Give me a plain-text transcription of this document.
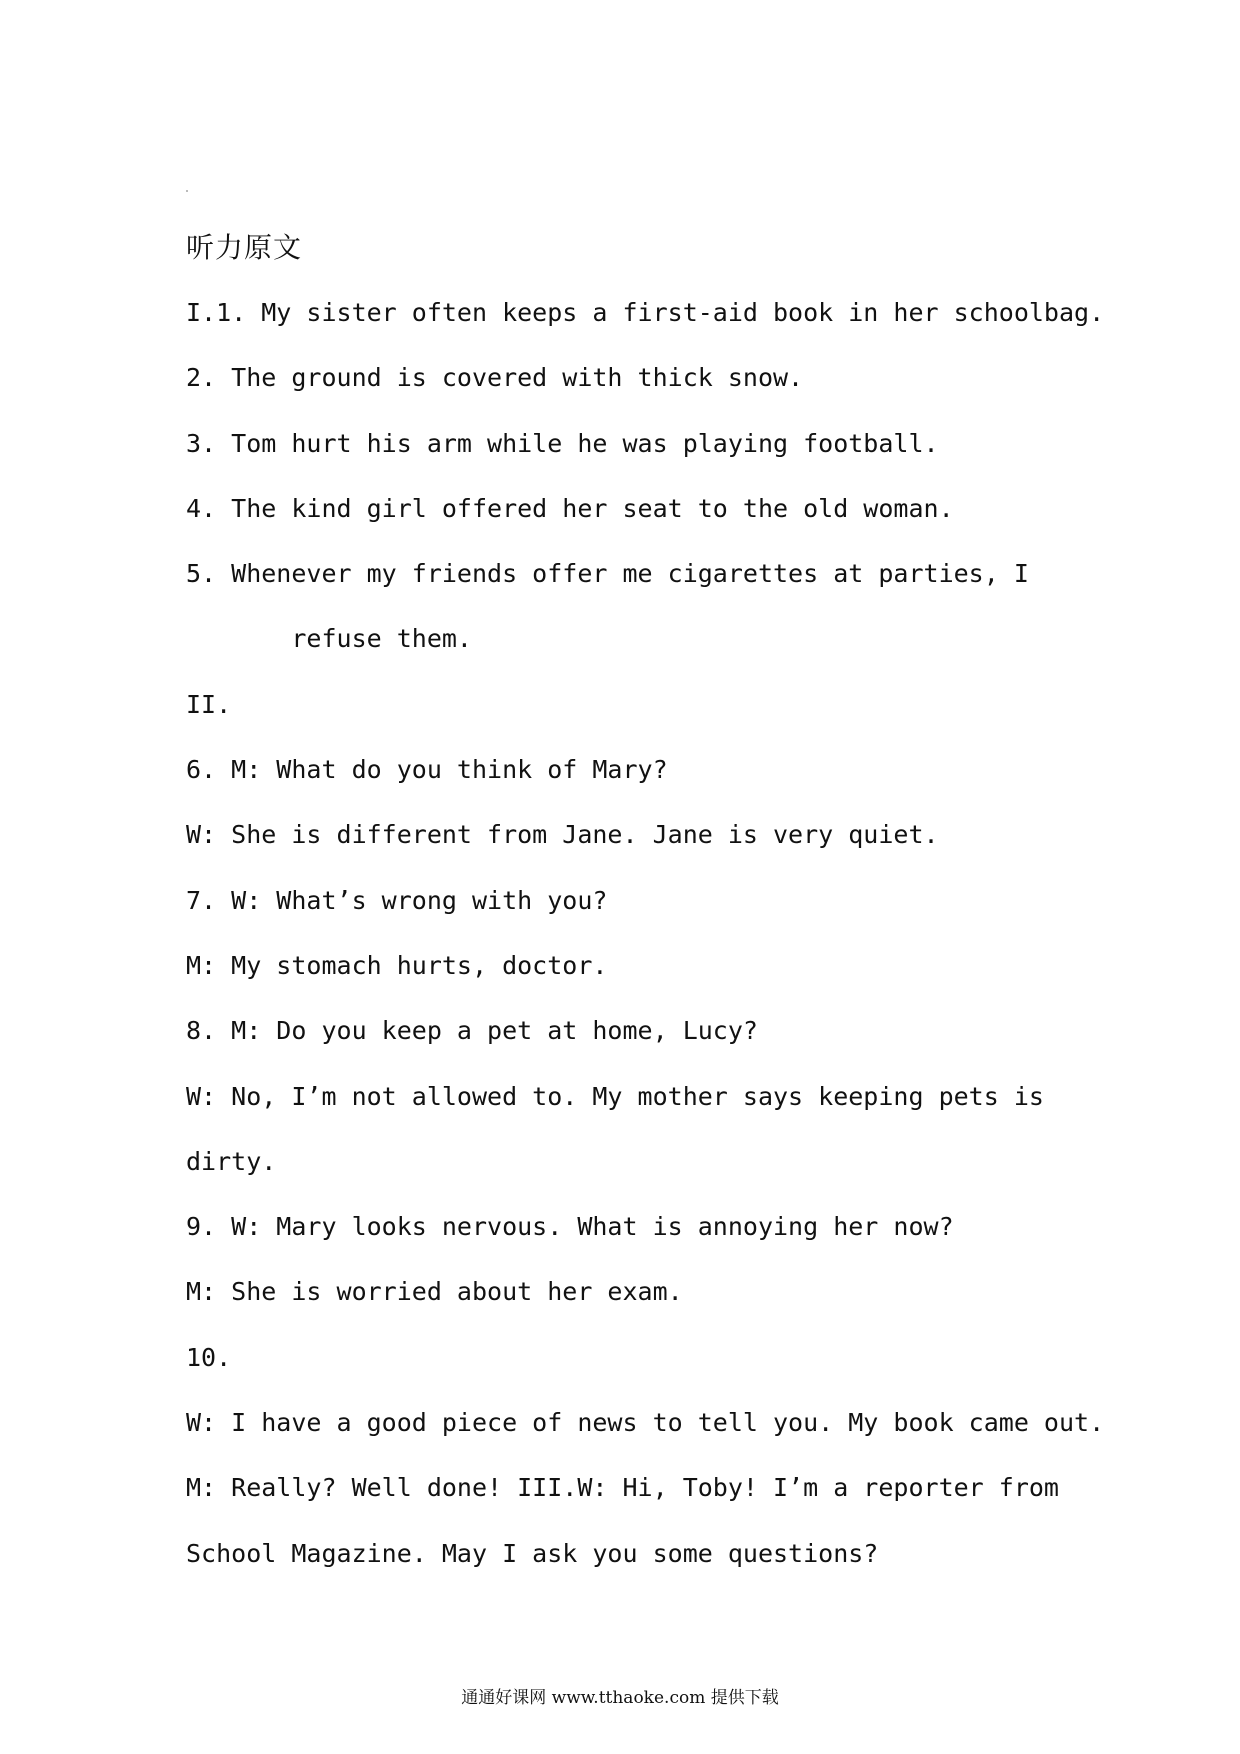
听力原文
I.1. My sister often keeps a first-aid book in her schoolbag.
2. The ground is covered with thick snow.
3. Tom hurt his arm while he was playing football.
4. The kind girl offered her seat to the old woman.
5. Whenever my friends offer me cigarettes at parties, I
refuse them.
II.
6. M: What do you think of Mary?
W: She is different from Jane. Jane is very quiet.
7. W: What’s wrong with you?
M: My stomach hurts, doctor.
8. M: Do you keep a pet at home, Lucy?
W: No, I’m not allowed to. My mother says keeping pets is
dirty.
9. W: Mary looks nervous. What is annoying her now?
M: She is worried about her exam.
10.
W: I have a good piece of news to tell you. My book came out.
M: Really? Well done! III.W: Hi, Toby! I’m a reporter from
School Magazine. May I ask you some questions?
通通好课网 www.tthaoke.com 提供下载
